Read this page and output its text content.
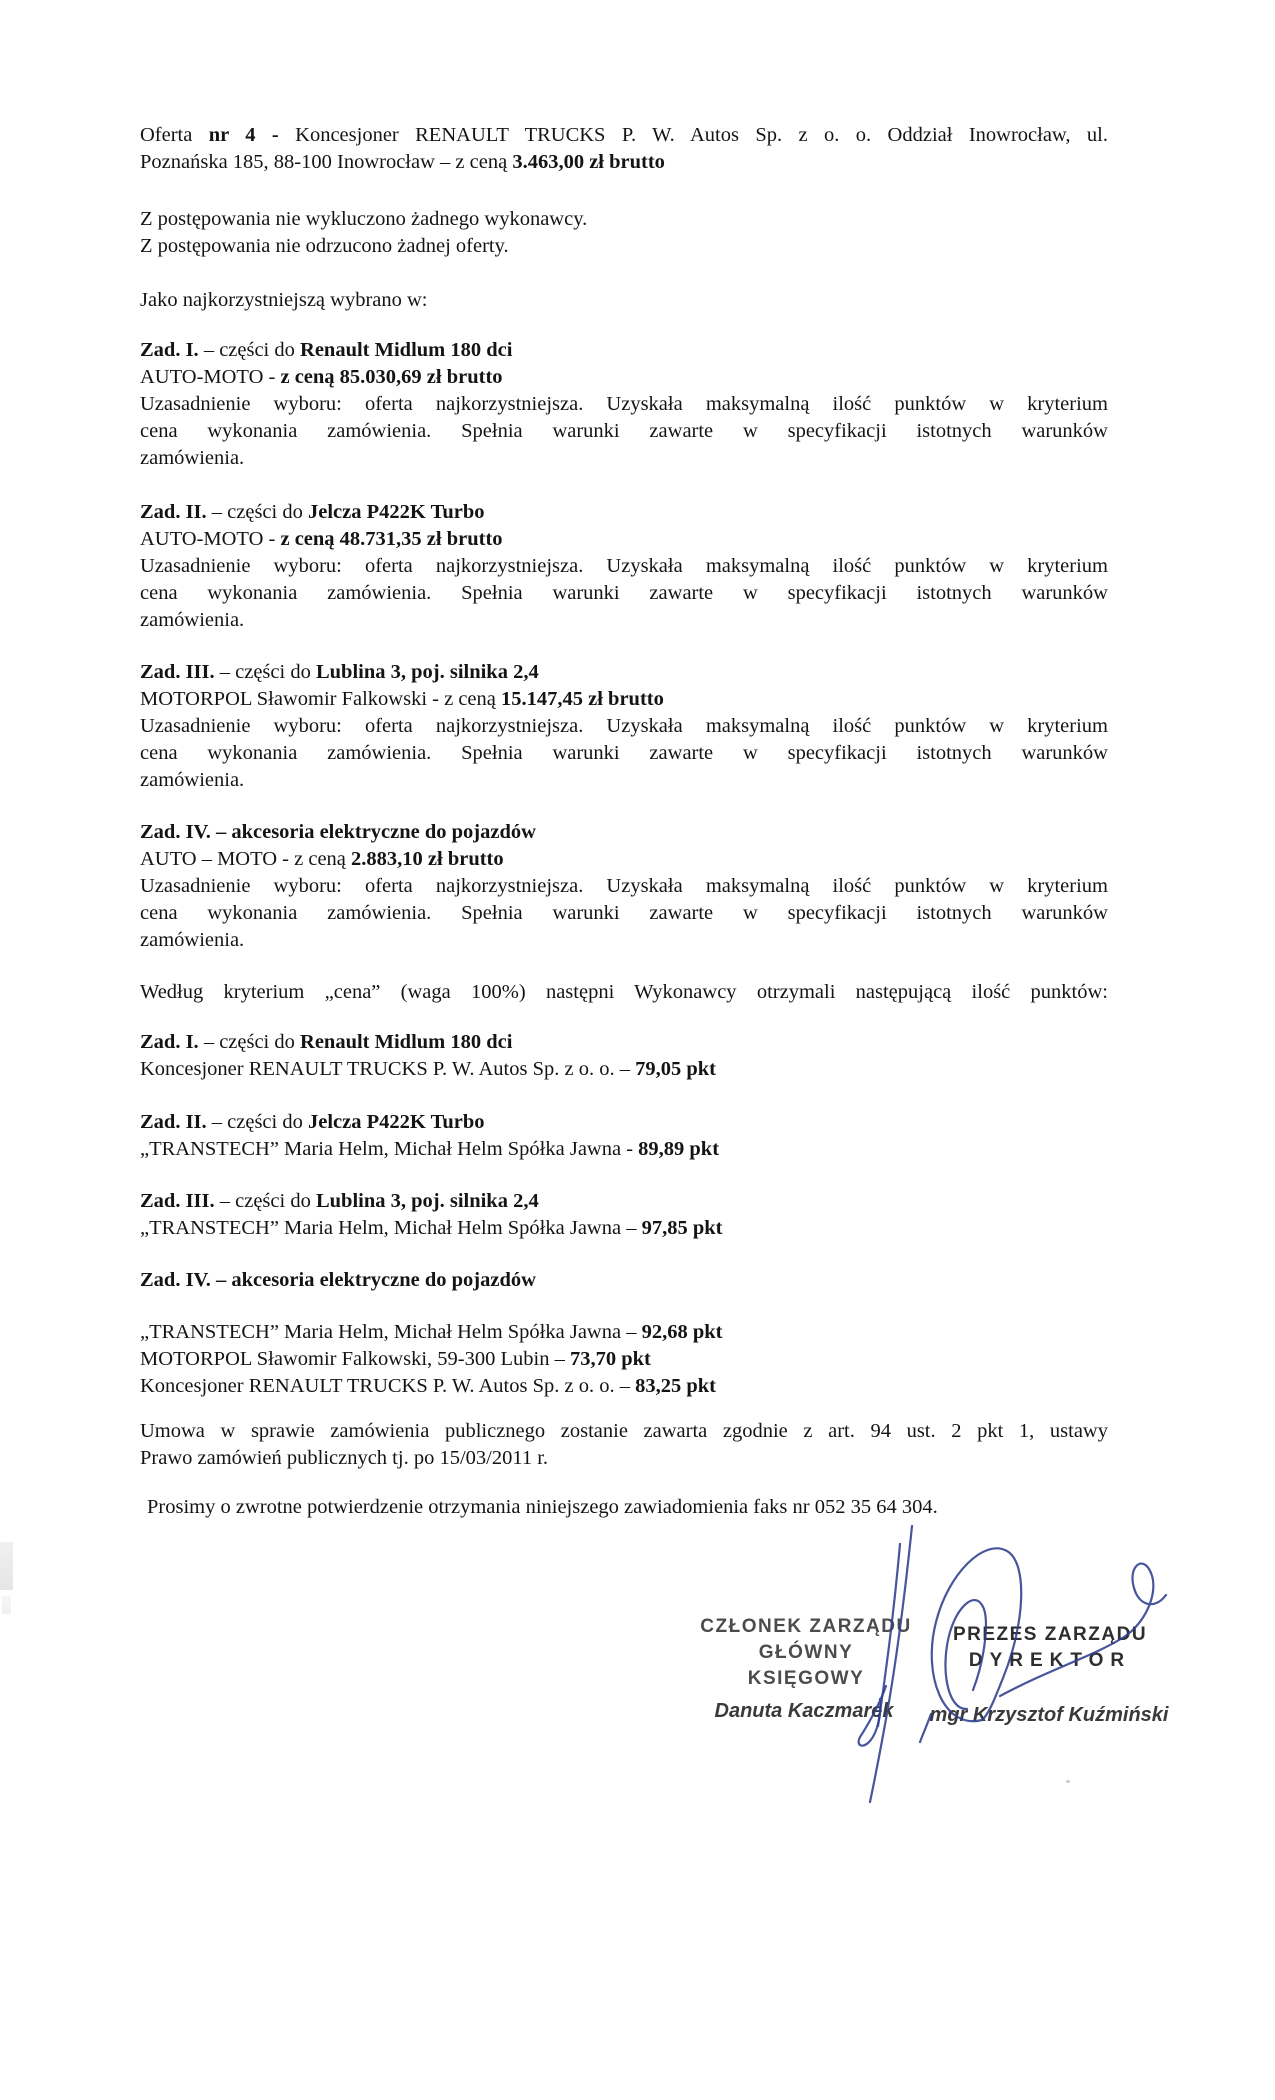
Oferta nr 4 - Koncesjoner RENAULT TRUCKS P. W. Autos Sp. z o. o. Oddział Inowrocław, ul.
Poznańska 185, 88-100 Inowrocław – z ceną 3.463,00 zł brutto
Z postępowania nie wykluczono żadnego wykonawcy.
Z postępowania nie odrzucono żadnej oferty.
Jako najkorzystniejszą wybrano w:
Zad. I. – części do Renault Midlum 180 dci
AUTO-MOTO - z ceną 85.030,69 zł brutto
Uzasadnienie wyboru: oferta najkorzystniejsza. Uzyskała maksymalną ilość punktów w kryterium
cena wykonania zamówienia. Spełnia warunki zawarte w specyfikacji istotnych warunków
zamówienia.
Zad. II. – części do Jelcza P422K Turbo
AUTO-MOTO - z ceną 48.731,35 zł brutto
Uzasadnienie wyboru: oferta najkorzystniejsza. Uzyskała maksymalną ilość punktów w kryterium
cena wykonania zamówienia. Spełnia warunki zawarte w specyfikacji istotnych warunków
zamówienia.
Zad. III. – części do Lublina 3, poj. silnika 2,4
MOTORPOL Sławomir Falkowski - z ceną 15.147,45 zł brutto
Uzasadnienie wyboru: oferta najkorzystniejsza. Uzyskała maksymalną ilość punktów w kryterium
cena wykonania zamówienia. Spełnia warunki zawarte w specyfikacji istotnych warunków
zamówienia.
Zad. IV. – akcesoria elektryczne do pojazdów
AUTO – MOTO - z ceną 2.883,10 zł brutto
Uzasadnienie wyboru: oferta najkorzystniejsza. Uzyskała maksymalną ilość punktów w kryterium
cena wykonania zamówienia. Spełnia warunki zawarte w specyfikacji istotnych warunków
zamówienia.
Według kryterium „cena” (waga 100%) następni Wykonawcy otrzymali następującą ilość punktów:
Zad. I. – części do Renault Midlum 180 dci
Koncesjoner RENAULT TRUCKS P. W. Autos Sp. z o. o. – 79,05 pkt
Zad. II. – części do Jelcza P422K Turbo
„TRANSTECH” Maria Helm, Michał Helm Spółka Jawna - 89,89 pkt
Zad. III. – części do Lublina 3, poj. silnika 2,4
„TRANSTECH” Maria Helm, Michał Helm Spółka Jawna – 97,85 pkt
Zad. IV. – akcesoria elektryczne do pojazdów
„TRANSTECH” Maria Helm, Michał Helm Spółka Jawna – 92,68 pkt
MOTORPOL Sławomir Falkowski, 59-300 Lubin – 73,70 pkt
Koncesjoner RENAULT TRUCKS P. W. Autos Sp. z o. o. – 83,25 pkt
Umowa w sprawie zamówienia publicznego zostanie zawarta zgodnie z art. 94 ust. 2 pkt 1, ustawy
Prawo zamówień publicznych tj. po 15/03/2011 r.
Prosimy o zwrotne potwierdzenie otrzymania niniejszego zawiadomienia faks nr 052 35 64 304.
CZŁONEK ZARZĄDU
GŁÓWNY KSIĘGOWY
Danuta Kaczmarek
PREZES ZARZĄDU
DYREKTOR
mgr Krzysztof Kuźmiński
